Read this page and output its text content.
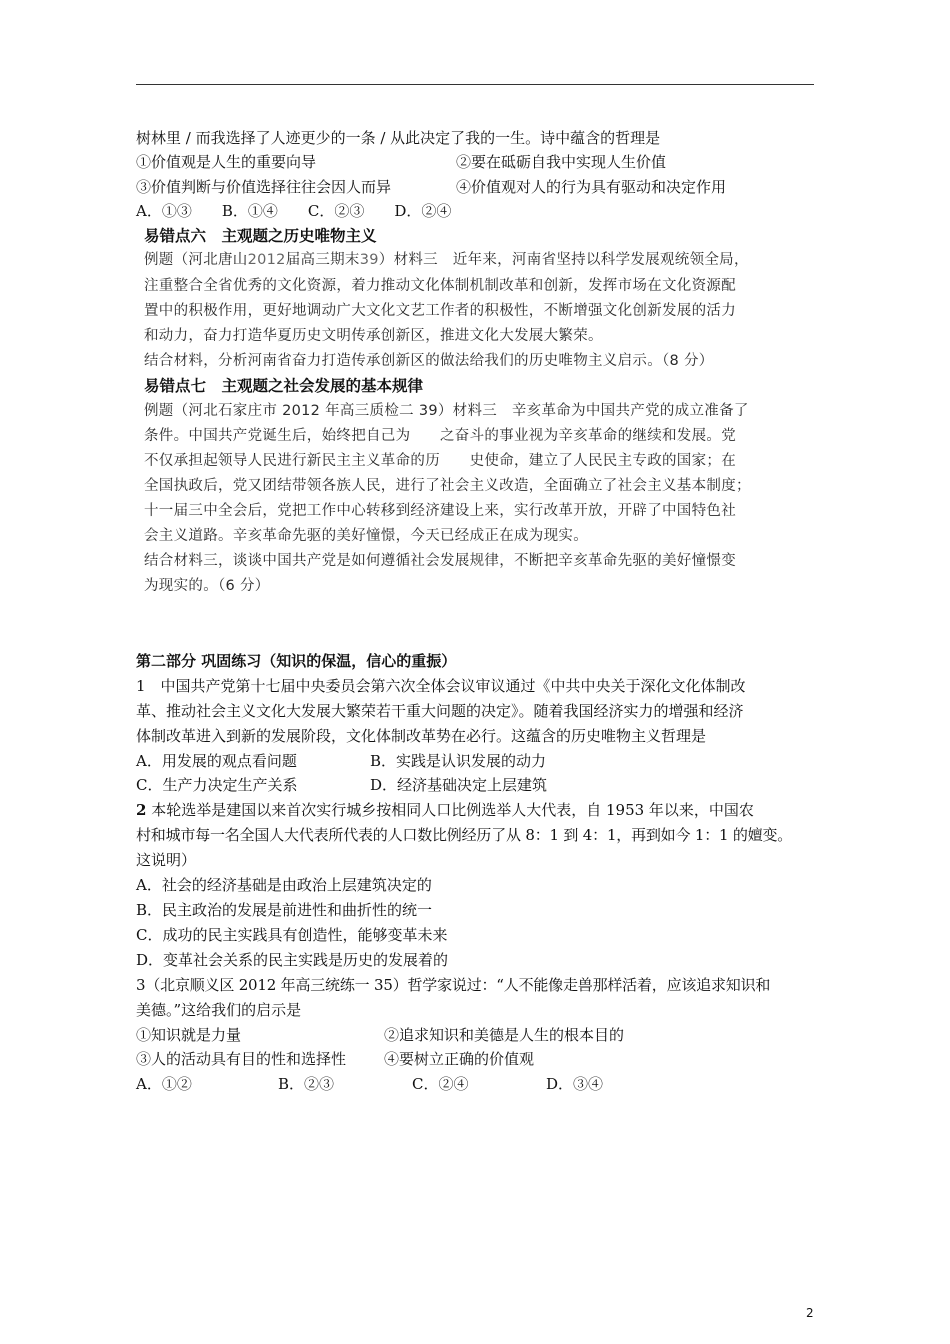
树林里 / 而我选择了人迹更少的一条 / 从此决定了我的一生。诗中蕴含的哲理是
①价值观是人生的重要向导	②要在砥砺自我中实现人生价值
③价值判断与价值选择往往会因人而异	④价值观对人的行为具有驱动和决定作用
A．①③ B．①④ C．②③ D．②④
易错点六　主观题之历史唯物主义
例题（河北唐山2012届高三期末39）材料三　近年来，河南省坚持以科学发展观统领全局，
注重整合全省优秀的文化资源，着力推动文化体制机制改革和创新，发挥市场在文化资源配
置中的积极作用，更好地调动广大文化文艺工作者的积极性，不断增强文化创新发展的活力
和动力，奋力打造华夏历史文明传承创新区，推进文化大发展大繁荣。
结合材料，分析河南省奋力打造传承创新区的做法给我们的历史唯物主义启示。（8 分）
易错点七　主观题之社会发展的基本规律
例题（河北石家庄市 2012 年高三质检二 39）材料三　辛亥革命为中国共产党的成立准备了
条件。中国共产党诞生后，始终把自己为　　之奋斗的事业视为辛亥革命的继续和发展。党
不仅承担起领导人民进行新民主主义革命的历　　史使命，建立了人民民主专政的国家；在
全国执政后，党又团结带领各族人民，进行了社会主义改造，全面确立了社会主义基本制度；
十一届三中全会后，党把工作中心转移到经济建设上来，实行改革开放，开辟了中国特色社
会主义道路。辛亥革命先驱的美好憧憬，今天已经成正在成为现实。
结合材料三，谈谈中国共产党是如何遵循社会发展规律，不断把辛亥革命先驱的美好憧憬变
为现实的。（6 分）
第二部分 巩固练习（知识的保温，信心的重振）
1　中国共产党第十七届中央委员会第六次全体会议审议通过《中共中央关于深化文化体制改
革、推动社会主义文化大发展大繁荣若干重大问题的决定》。随着我国经济实力的增强和经济
体制改革进入到新的发展阶段，文化体制改革势在必行。这蕴含的历史唯物主义哲理是
A．用发展的观点看问题	B．实践是认识发展的动力
C．生产力决定生产关系	D．经济基础决定上层建筑
2 本轮选举是建国以来首次实行城乡按相同人口比例选举人大代表，自 1953 年以来，中国农
村和城市每一名全国人大代表所代表的人口数比例经历了从 8：1 到 4：1，再到如今 1：1 的嬗变。
这说明）
A．社会的经济基础是由政治上层建筑决定的
B．民主政治的发展是前进性和曲折性的统一
C．成功的民主实践具有创造性，能够变革未来
D．变革社会关系的民主实践是历史的发展着的
3（北京顺义区 2012 年高三统练一 35）哲学家说过：“人不能像走兽那样活着，应该追求知识和
美德。”这给我们的启示是
①知识就是力量	②追求知识和美德是人生的根本目的
③人的活动具有目的性和选择性	④要树立正确的价值观
A．①②	B．②③	C．②④	D．③④
2
